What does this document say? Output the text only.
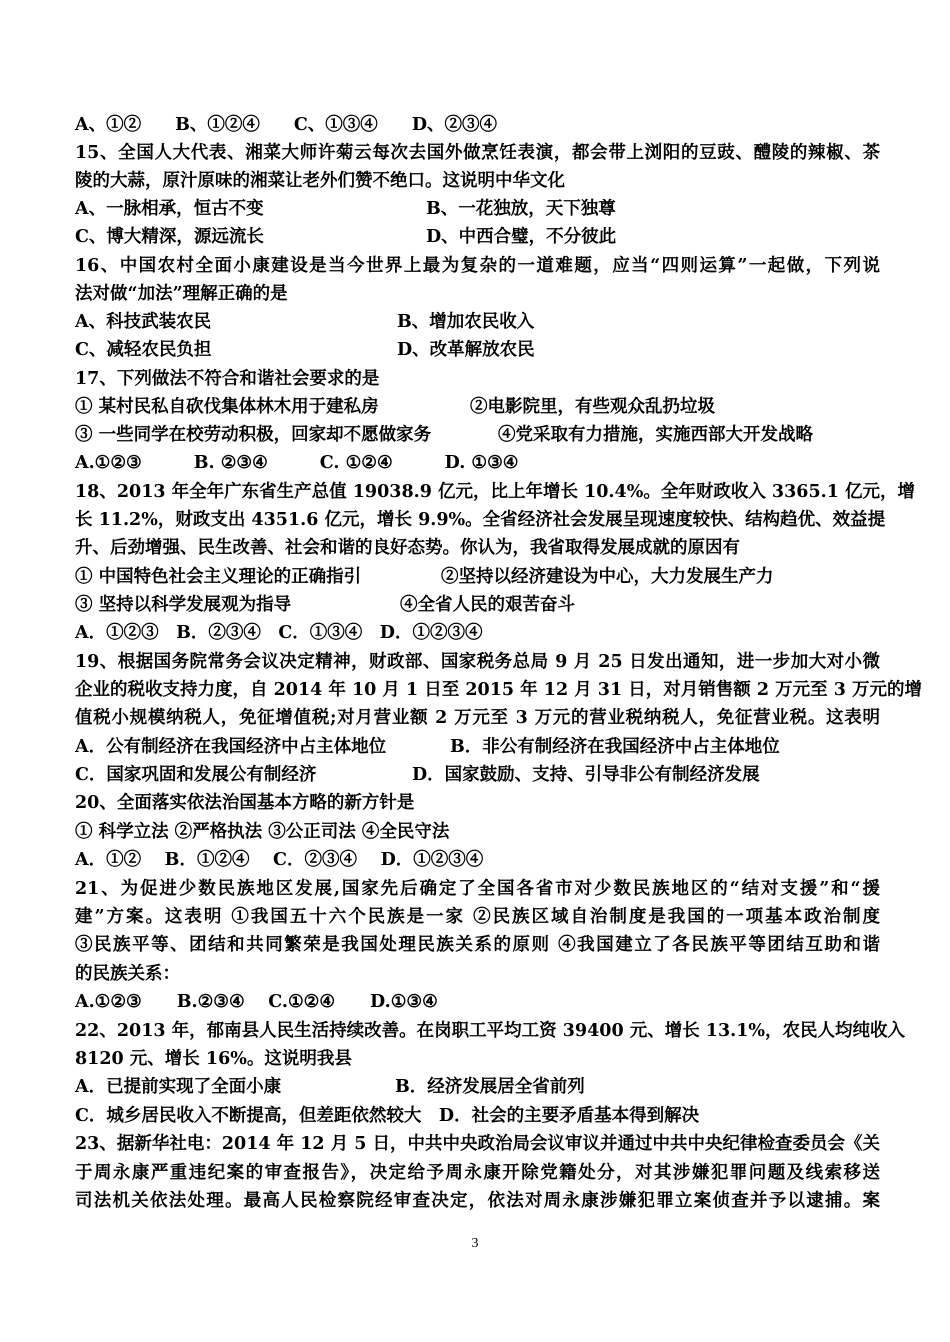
A、①② B、①②④ C、①③④ D、②③④
15、全国人大代表、湘菜大师许菊云每次去国外做烹饪表演，都会带上浏阳的豆豉、醴陵的辣椒、茶
陵的大蒜，原汁原味的湘菜让老外们赞不绝口。这说明中华文化
A、一脉相承，恒古不变	B、一花独放，天下独尊
C、博大精深，源远流长	D、中西合璧，不分彼此
16、中国农村全面小康建设是当今世界上最为复杂的一道难题，应当“四则运算”一起做，下列说
法对做“加法”理解正确的是
A、科技武装农民	B、增加农民收入
C、减轻农民负担	D、改革解放农民
17、下列做法不符合和谐社会要求的是
① 某村民私自砍伐集体林木用于建私房	②电影院里，有些观众乱扔垃圾
③ 一些同学在校劳动积极，回家却不愿做家务	④党采取有力措施，实施西部大开发战略
A.①②③	B. ②③④	C. ①②④	D. ①③④
18、2013 年全年广东省生产总值 19038.9 亿元，比上年增长 10.4%。全年财政收入 3365.1 亿元，增
长 11.2%，财政支出 4351.6 亿元，增长 9.9%。全省经济社会发展呈现速度较快、结构趋优、效益提
升、后劲增强、民生改善、社会和谐的良好态势。你认为，我省取得发展成就的原因有
① 中国特色社会主义理论的正确指引	②坚持以经济建设为中心，大力发展生产力
③ 坚持以科学发展观为指导	④全省人民的艰苦奋斗
A．①②③　B．②③④　C．①③④　D．①②③④
19、根据国务院常务会议决定精神，财政部、国家税务总局 9 月 25 日发出通知，进一步加大对小微
企业的税收支持力度，自 2014 年 10 月 1 日至 2015 年 12 月 31 日，对月销售额 2 万元至 3 万元的增
值税小规模纳税人，免征增值税;对月营业额 2 万元至 3 万元的营业税纳税人，免征营业税。这表明
A．公有制经济在我国经济中占主体地位	B．非公有制经济在我国经济中占主体地位
C．国家巩固和发展公有制经济	D．国家鼓励、支持、引导非公有制经济发展
20、全面落实依法治国基本方略的新方针是
① 科学立法 ②严格执法 ③公正司法 ④全民守法
A．①②　 B．①②④　 C．②③④　 D．①②③④
21、为促进少数民族地区发展,国家先后确定了全国各省市对少数民族地区的“结对支援”和“援
建”方案。这表明 ①我国五十六个民族是一家 ②民族区域自治制度是我国的一项基本政治制度
③民族平等、团结和共同繁荣是我国处理民族关系的原则 ④我国建立了各民族平等团结互助和谐
的民族关系：
A.①②③　　B.②③④　 C.①②④　　D.①③④
22、2013 年，郁南县人民生活持续改善。在岗职工平均工资 39400 元、增长 13.1%，农民人均纯收入
8120 元、增长 16%。这说明我县
A．已提前实现了全面小康	B．经济发展居全省前列
C．城乡居民收入不断提高，但差距依然较大　D．社会的主要矛盾基本得到解决
23、据新华社电：2014 年 12 月 5 日，中共中央政治局会议审议并通过中共中央纪律检查委员会《关
于周永康严重违纪案的审查报告》，决定给予周永康开除党籍处分，对其涉嫌犯罪问题及线索移送
司法机关依法处理。最高人民检察院经审查决定，依法对周永康涉嫌犯罪立案侦查并予以逮捕。案
3
